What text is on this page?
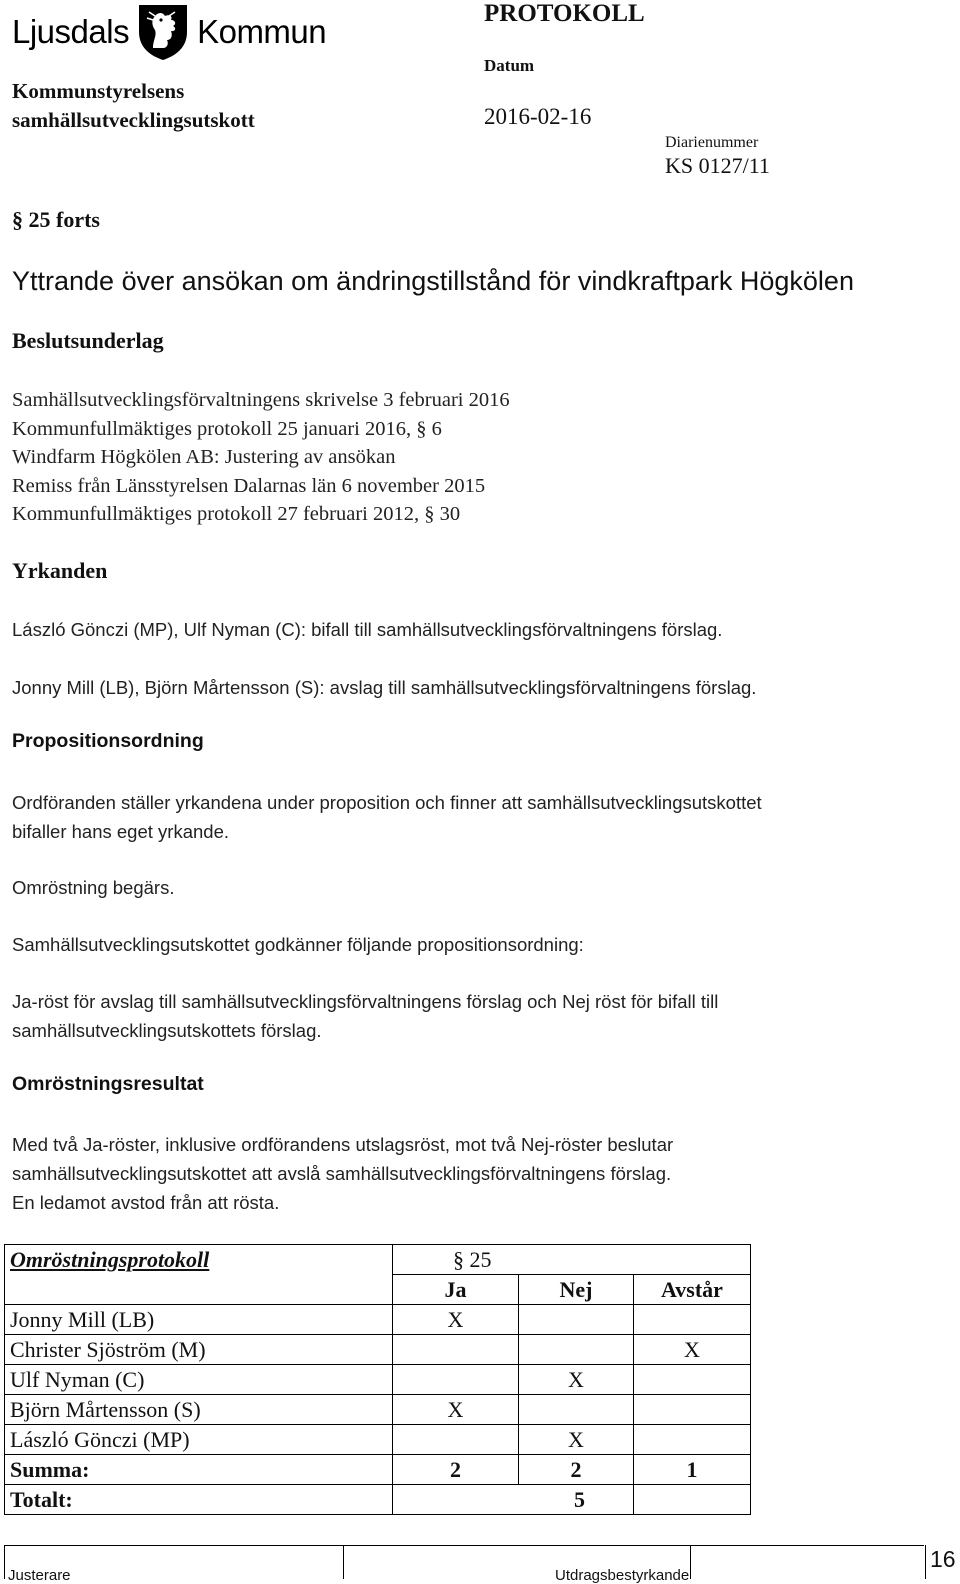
Ljusdals Kommun	PROTOKOLL
Datum
Kommunstyrelsens
samhällsutvecklingsutskott	2016-02-16
Diarienummer
KS 0127/11
§ 25 forts
Yttrande över ansökan om ändringstillstånd för vindkraftpark Högkölen
Beslutsunderlag
Samhällsutvecklingsförvaltningens skrivelse 3 februari 2016
Kommunfullmäktiges protokoll 25 januari 2016, § 6
Windfarm Högkölen AB: Justering av ansökan
Remiss från Länsstyrelsen Dalarnas län 6 november 2015
Kommunfullmäktiges protokoll 27 februari 2012, § 30
Yrkanden
László Gönczi (MP), Ulf Nyman (C): bifall till samhällsutvecklingsförvaltningens förslag.
Jonny Mill (LB), Björn Mårtensson (S): avslag till samhällsutvecklingsförvaltningens förslag.
Propositionsordning
Ordföranden ställer yrkandena under proposition och finner att samhällsutvecklingsutskottet
bifaller hans eget yrkande.
Omröstning begärs.
Samhällsutvecklingsutskottet godkänner följande propositionsordning:
Ja-röst för avslag till samhällsutvecklingsförvaltningens förslag och Nej röst för bifall till
samhällsutvecklingsutskottets förslag.
Omröstningsresultat
Med två Ja-röster, inklusive ordförandens utslagsröst, mot två Nej-röster beslutar
samhällsutvecklingsutskottet att avslå samhällsutvecklingsförvaltningens förslag.
En ledamot avstod från att rösta.
Omröstningsprotokoll	§ 25		
	Ja	Nej	Avstår
Jonny Mill (LB)	X		
Christer Sjöström (M)			X
Ulf Nyman (C)		X	
Björn Mårtensson (S)	X		
László Gönczi (MP)		X	
Summa:	2	2	1
Totalt:	5		
Justerare	Utdragsbestyrkande
16
